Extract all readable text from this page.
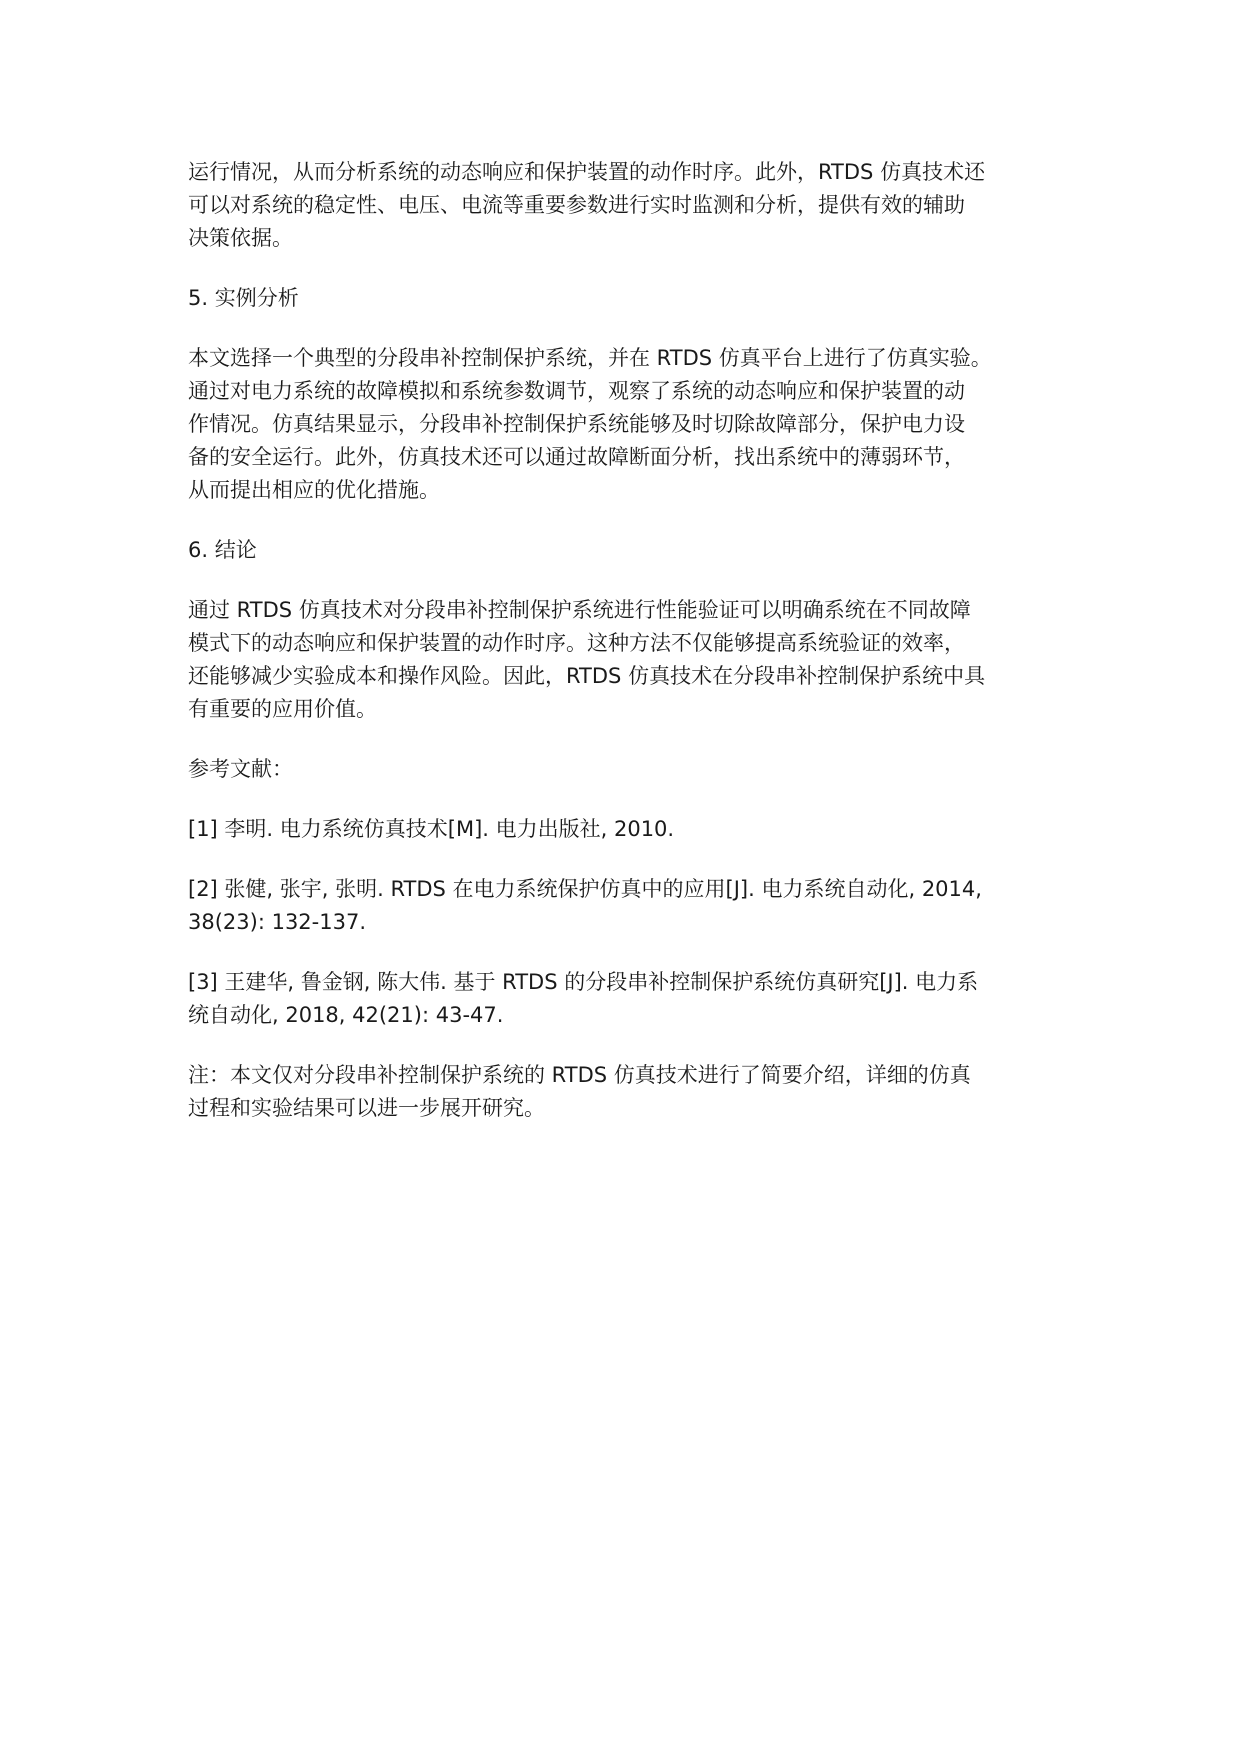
运行情况，从而分析系统的动态响应和保护装置的动作时序。此外，RTDS 仿真技术还
可以对系统的稳定性、电压、电流等重要参数进行实时监测和分析，提供有效的辅助
决策依据。
5. 实例分析
本文选择一个典型的分段串补控制保护系统，并在 RTDS 仿真平台上进行了仿真实验。
通过对电力系统的故障模拟和系统参数调节，观察了系统的动态响应和保护装置的动
作情况。仿真结果显示，分段串补控制保护系统能够及时切除故障部分，保护电力设
备的安全运行。此外，仿真技术还可以通过故障断面分析，找出系统中的薄弱环节，
从而提出相应的优化措施。
6. 结论
通过 RTDS 仿真技术对分段串补控制保护系统进行性能验证可以明确系统在不同故障
模式下的动态响应和保护装置的动作时序。这种方法不仅能够提高系统验证的效率，
还能够减少实验成本和操作风险。因此，RTDS 仿真技术在分段串补控制保护系统中具
有重要的应用价值。
参考文献：
[1] 李明. 电力系统仿真技术[M]. 电力出版社, 2010.
[2] 张健, 张宇, 张明. RTDS 在电力系统保护仿真中的应用[J]. 电力系统自动化, 2014,
38(23): 132-137.
[3] 王建华, 鲁金钢, 陈大伟. 基于 RTDS 的分段串补控制保护系统仿真研究[J]. 电力系
统自动化, 2018, 42(21): 43-47.
注：本文仅对分段串补控制保护系统的 RTDS 仿真技术进行了简要介绍，详细的仿真
过程和实验结果可以进一步展开研究。
